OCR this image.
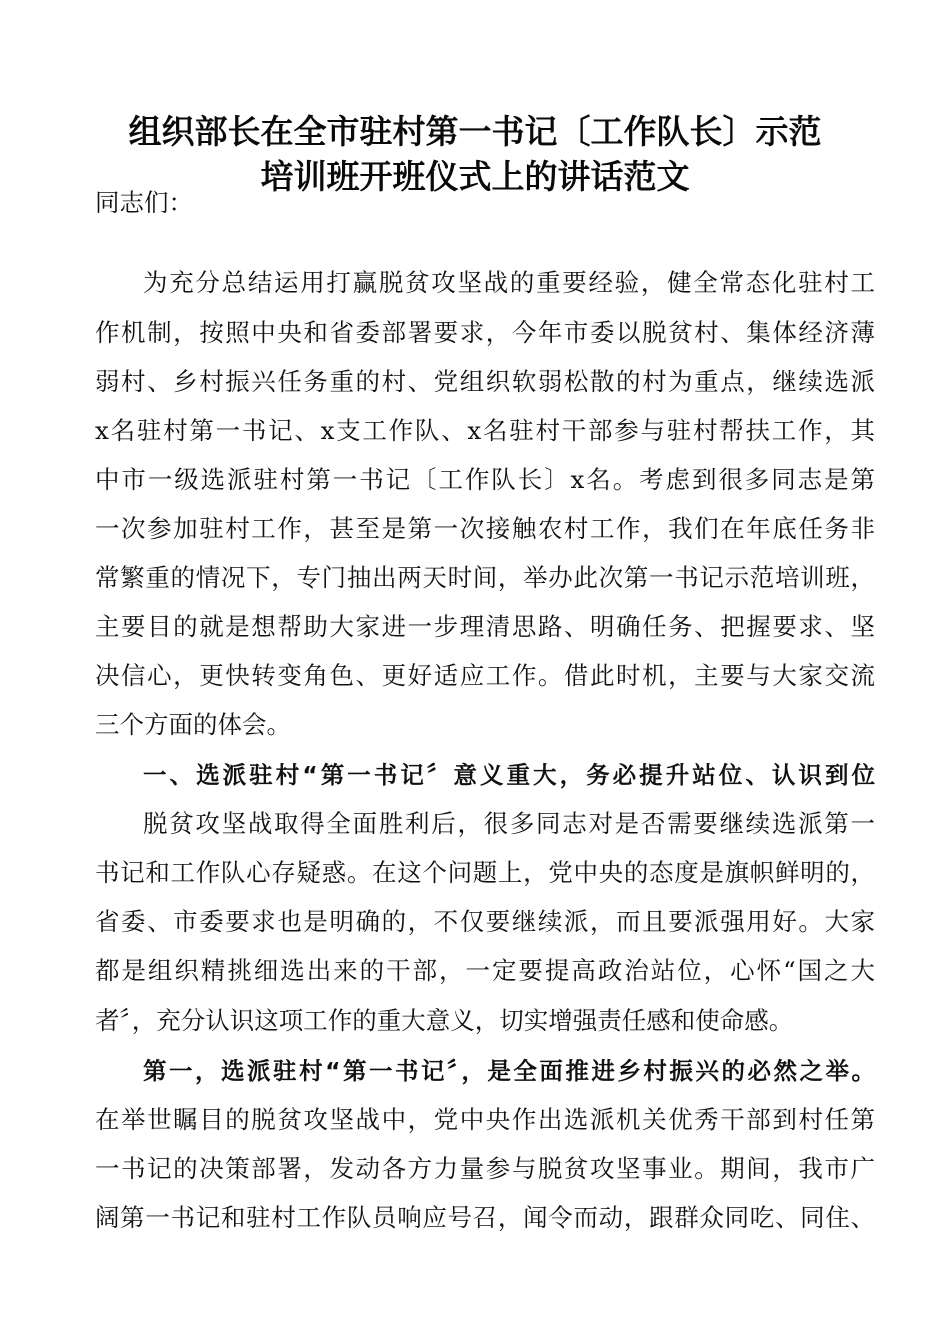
组织部长在全市驻村第一书记〔工作队长〕示范
培训班开班仪式上的讲话范文
同志们：
为充分总结运用打赢脱贫攻坚战的重要经验，健全常态化驻村工
作机制，按照中央和省委部署要求，今年市委以脱贫村、集体经济薄
弱村、乡村振兴任务重的村、党组织软弱松散的村为重点，继续选派
x名驻村第一书记、x支工作队、x名驻村干部参与驻村帮扶工作，其
中市一级选派驻村第一书记〔工作队长〕x名。考虑到很多同志是第
一次参加驻村工作，甚至是第一次接触农村工作，我们在年底任务非
常繁重的情况下，专门抽出两天时间，举办此次第一书记示范培训班，
主要目的就是想帮助大家进一步理清思路、明确任务、把握要求、坚
决信心，更快转变角色、更好适应工作。借此时机，主要与大家交流
三个方面的体会。
一、选派驻村“第一书记〞意义重大，务必提升站位、认识到位
脱贫攻坚战取得全面胜利后，很多同志对是否需要继续选派第一
书记和工作队心存疑惑。在这个问题上，党中央的态度是旗帜鲜明的，
省委、市委要求也是明确的，不仅要继续派，而且要派强用好。大家
都是组织精挑细选出来的干部，一定要提高政治站位，心怀“国之大
者〞，充分认识这项工作的重大意义，切实增强责任感和使命感。
第一，选派驻村“第一书记〞，是全面推进乡村振兴的必然之举。
在举世瞩目的脱贫攻坚战中，党中央作出选派机关优秀干部到村任第
一书记的决策部署，发动各方力量参与脱贫攻坚事业。期间，我市广
阔第一书记和驻村工作队员响应号召，闻令而动，跟群众同吃、同住、
